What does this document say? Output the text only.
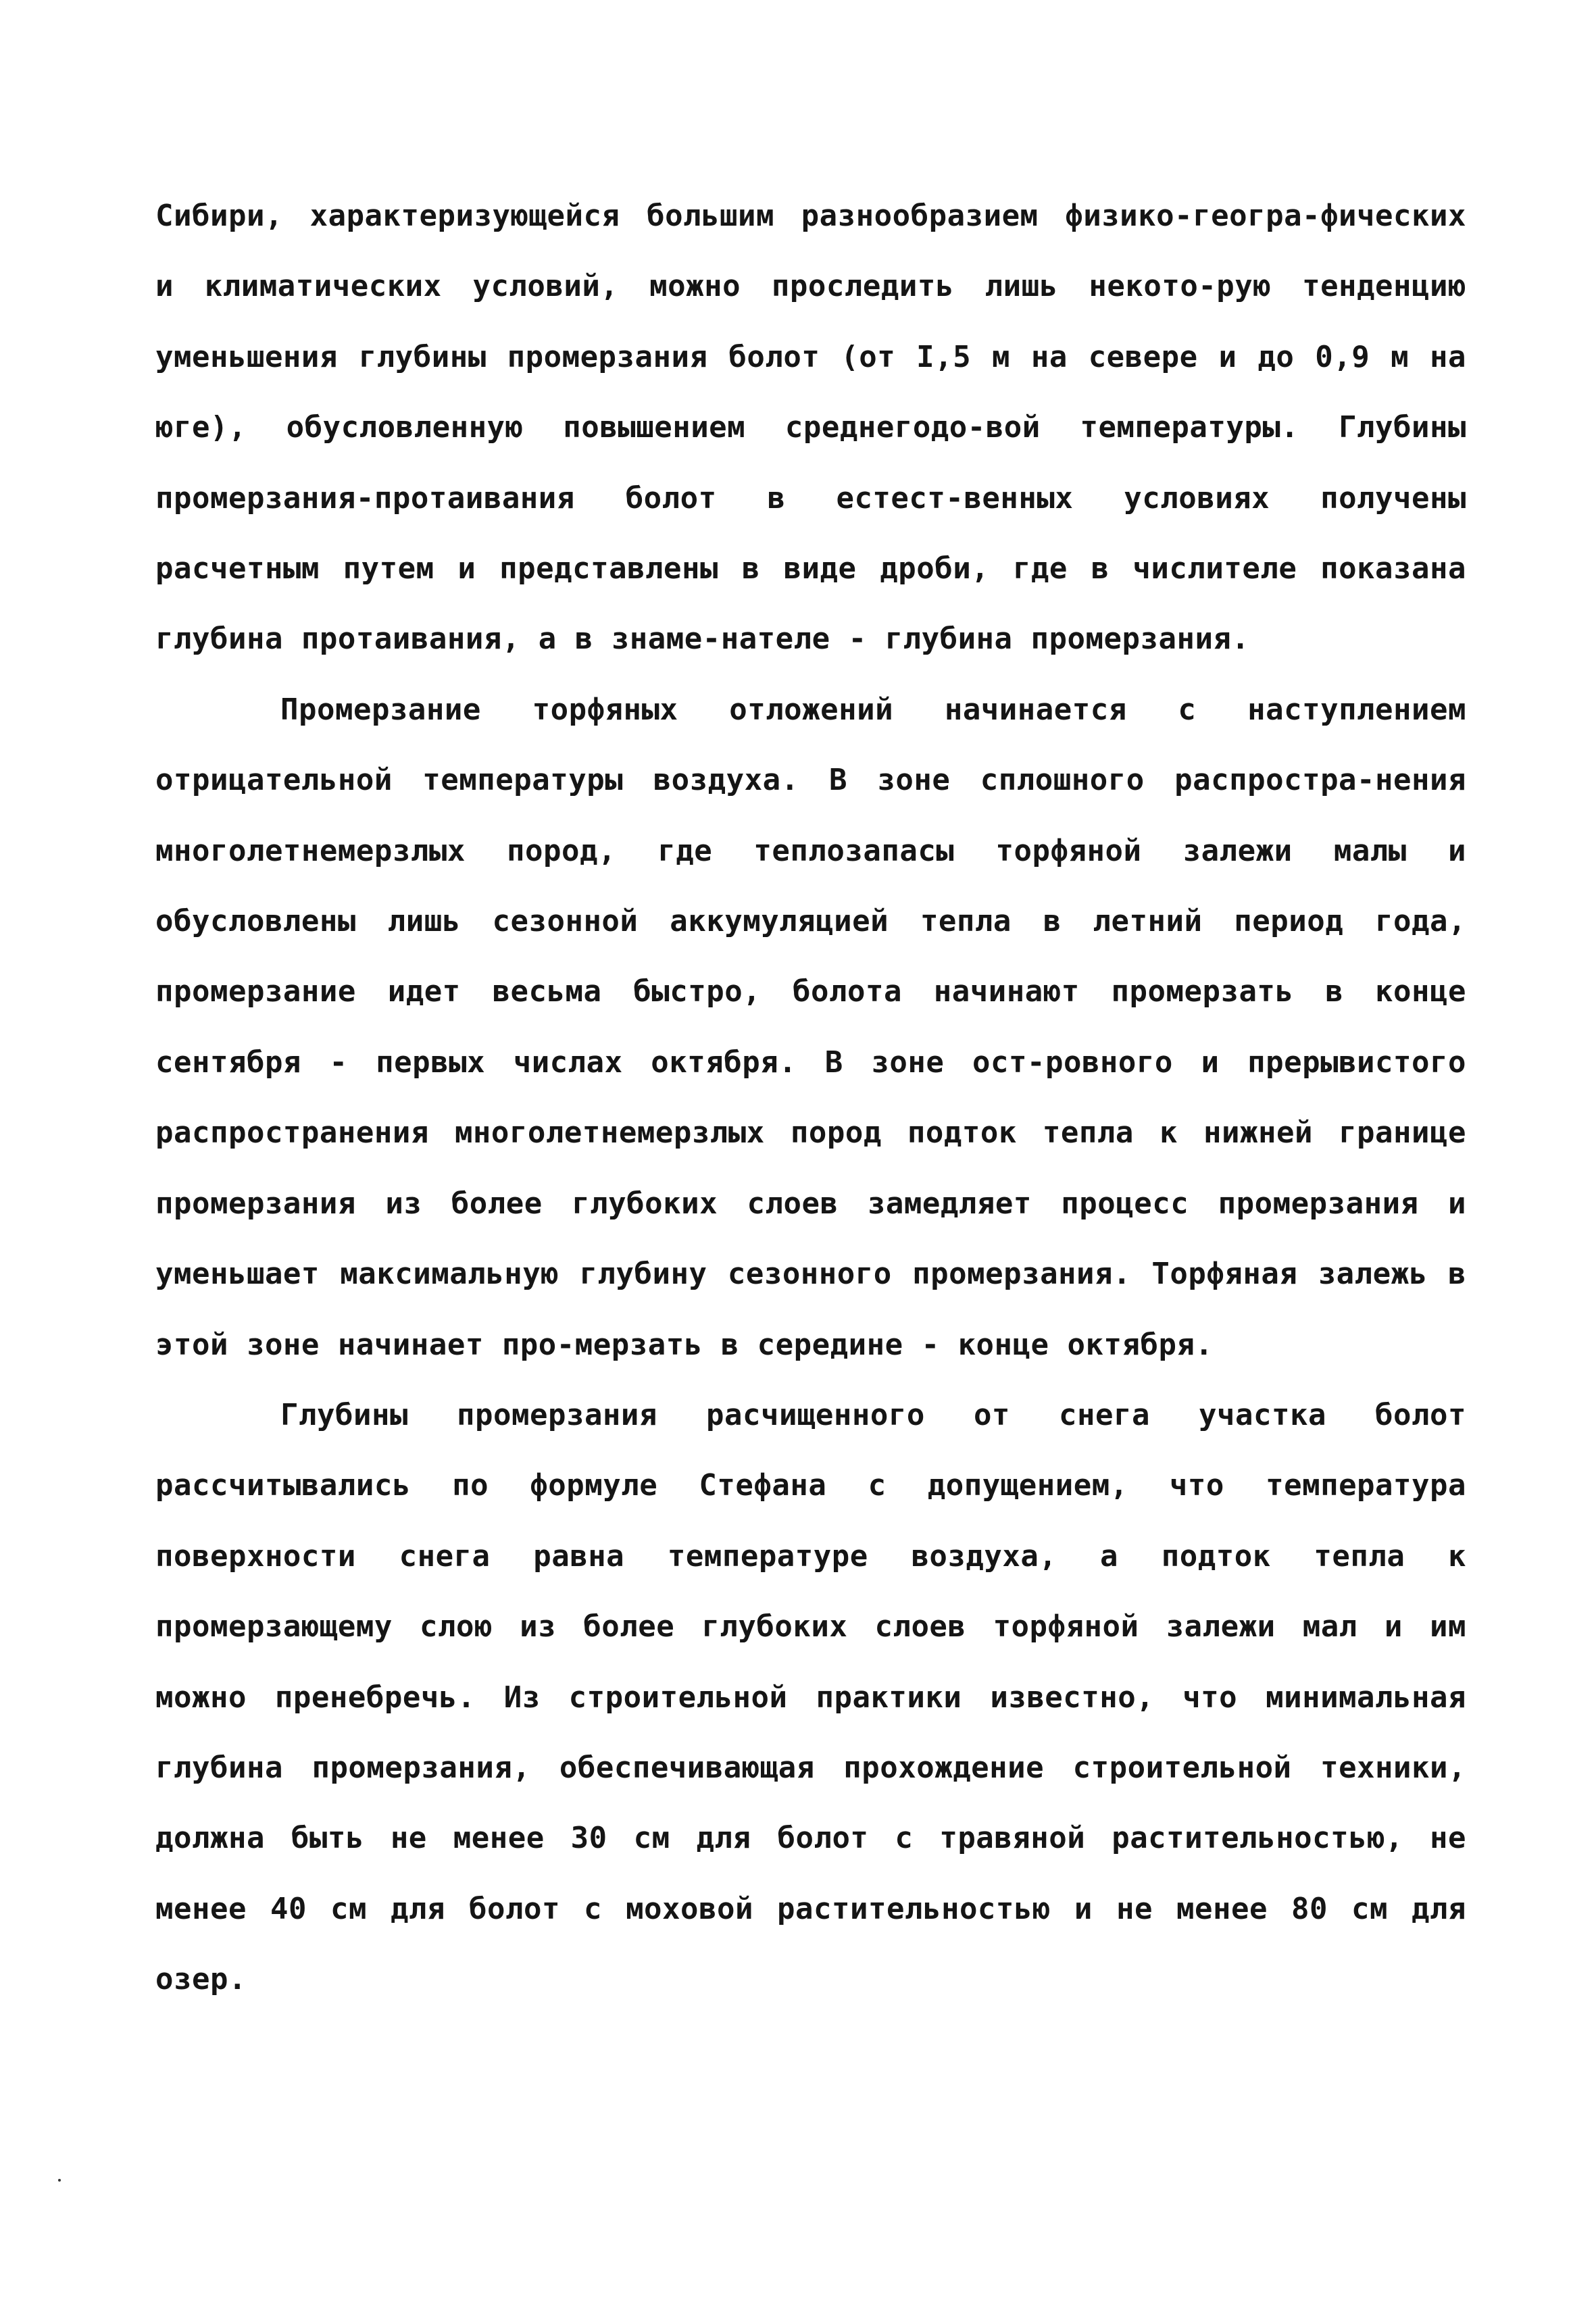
Сибири, характеризующейся большим разнообразием физико-геогра-фических и климатических условий, можно проследить лишь некото-рую тенденцию уменьшения глубины промерзания болот (от I,5 м на севере и до 0,9 м на юге), обусловленную повышением среднегодо-вой температуры. Глубины промерзания-протаивания болот в естест-венных условиях получены расчетным путем и представлены в виде дроби, где в числителе показана глубина протаивания, а в знаме-нателе - глубина промерзания.

Промерзание торфяных отложений начинается с наступлением отрицательной температуры воздуха. В зоне сплошного распростра-нения многолетнемерзлых пород, где теплозапасы торфяной залежи малы и обусловлены лишь сезонной аккумуляцией тепла в летний период года, промерзание идет весьма быстро, болота начинают промерзать в конце сентября - первых числах октября. В зоне ост-ровного и прерывистого распространения многолетнемерзлых пород подток тепла к нижней границе промерзания из более глубоких слоев замедляет процесс промерзания и уменьшает максимальную глубину сезонного промерзания. Торфяная залежь в этой зоне начинает про-мерзать в середине - конце октября.

Глубины промерзания расчищенного от снега участка болот рассчитывались по формуле Стефана с допущением, что температура поверхности снега равна температуре воздуха, а подток тепла к промерзающему слою из более глубоких слоев торфяной залежи мал и им можно пренебречь. Из строительной практики известно, что минимальная глубина промерзания, обеспечивающая прохождение строительной техники, должна быть не менее 30 см для болот с травяной растительностью, не менее 40 см для болот с моховой растительностью и не менее 80 см для озер.
